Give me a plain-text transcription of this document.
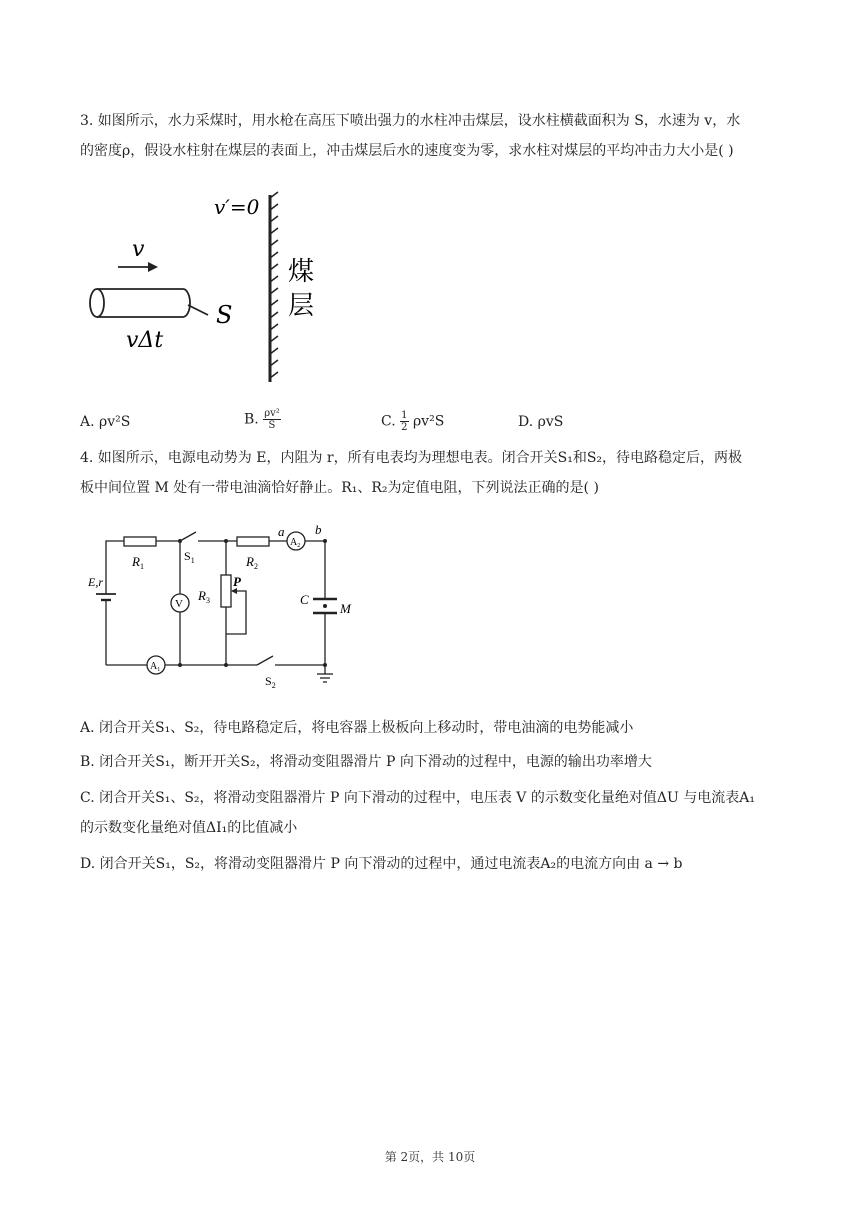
3. 如图所示，水力采煤时，用水枪在高压下喷出强力的水柱冲击煤层，设水柱横截面积为 S，水速为 v，水
的密度ρ，假设水柱射在煤层的表面上，冲击煤层后水的速度变为零，求水柱对煤层的平均冲击力大小是( )
v
v′=0
煤
层
S
vΔt
A. ρv²S	B. $\frac{\text{ρv²}}{S}$	C. $\frac{1}{2} \rho v^2S$	D. ρvS
4. 如图所示，电源电动势为 E，内阻为 r，所有电表均为理想电表。闭合开关S₁和S₂，待电路稳定后，两极
板中间位置 M 处有一带电油滴恰好静止。R₁、R₂为定值电阻，下列说法正确的是( )
$R_1$	$R_2$
$R_3$
P
$S_1$
$S_2$
a b
$A_2$
$A_1$
V	C
M
E,r
A. 闭合开关S₁、S₂，待电路稳定后，将电容器上极板向上移动时，带电油滴的电势能减小
B. 闭合开关S₁，断开开关S₂，将滑动变阻器滑片 P 向下滑动的过程中，电源的输出功率增大
C. 闭合开关S₁、S₂，将滑动变阻器滑片 P 向下滑动的过程中，电压表 V 的示数变化量绝对值ΔU 与电流表A₁
的示数变化量绝对值ΔI₁的比值减小
D. 闭合开关S₁，S₂，将滑动变阻器滑片 P 向下滑动的过程中，通过电流表A₂的电流方向由 a → b
第 2页，共 10页
